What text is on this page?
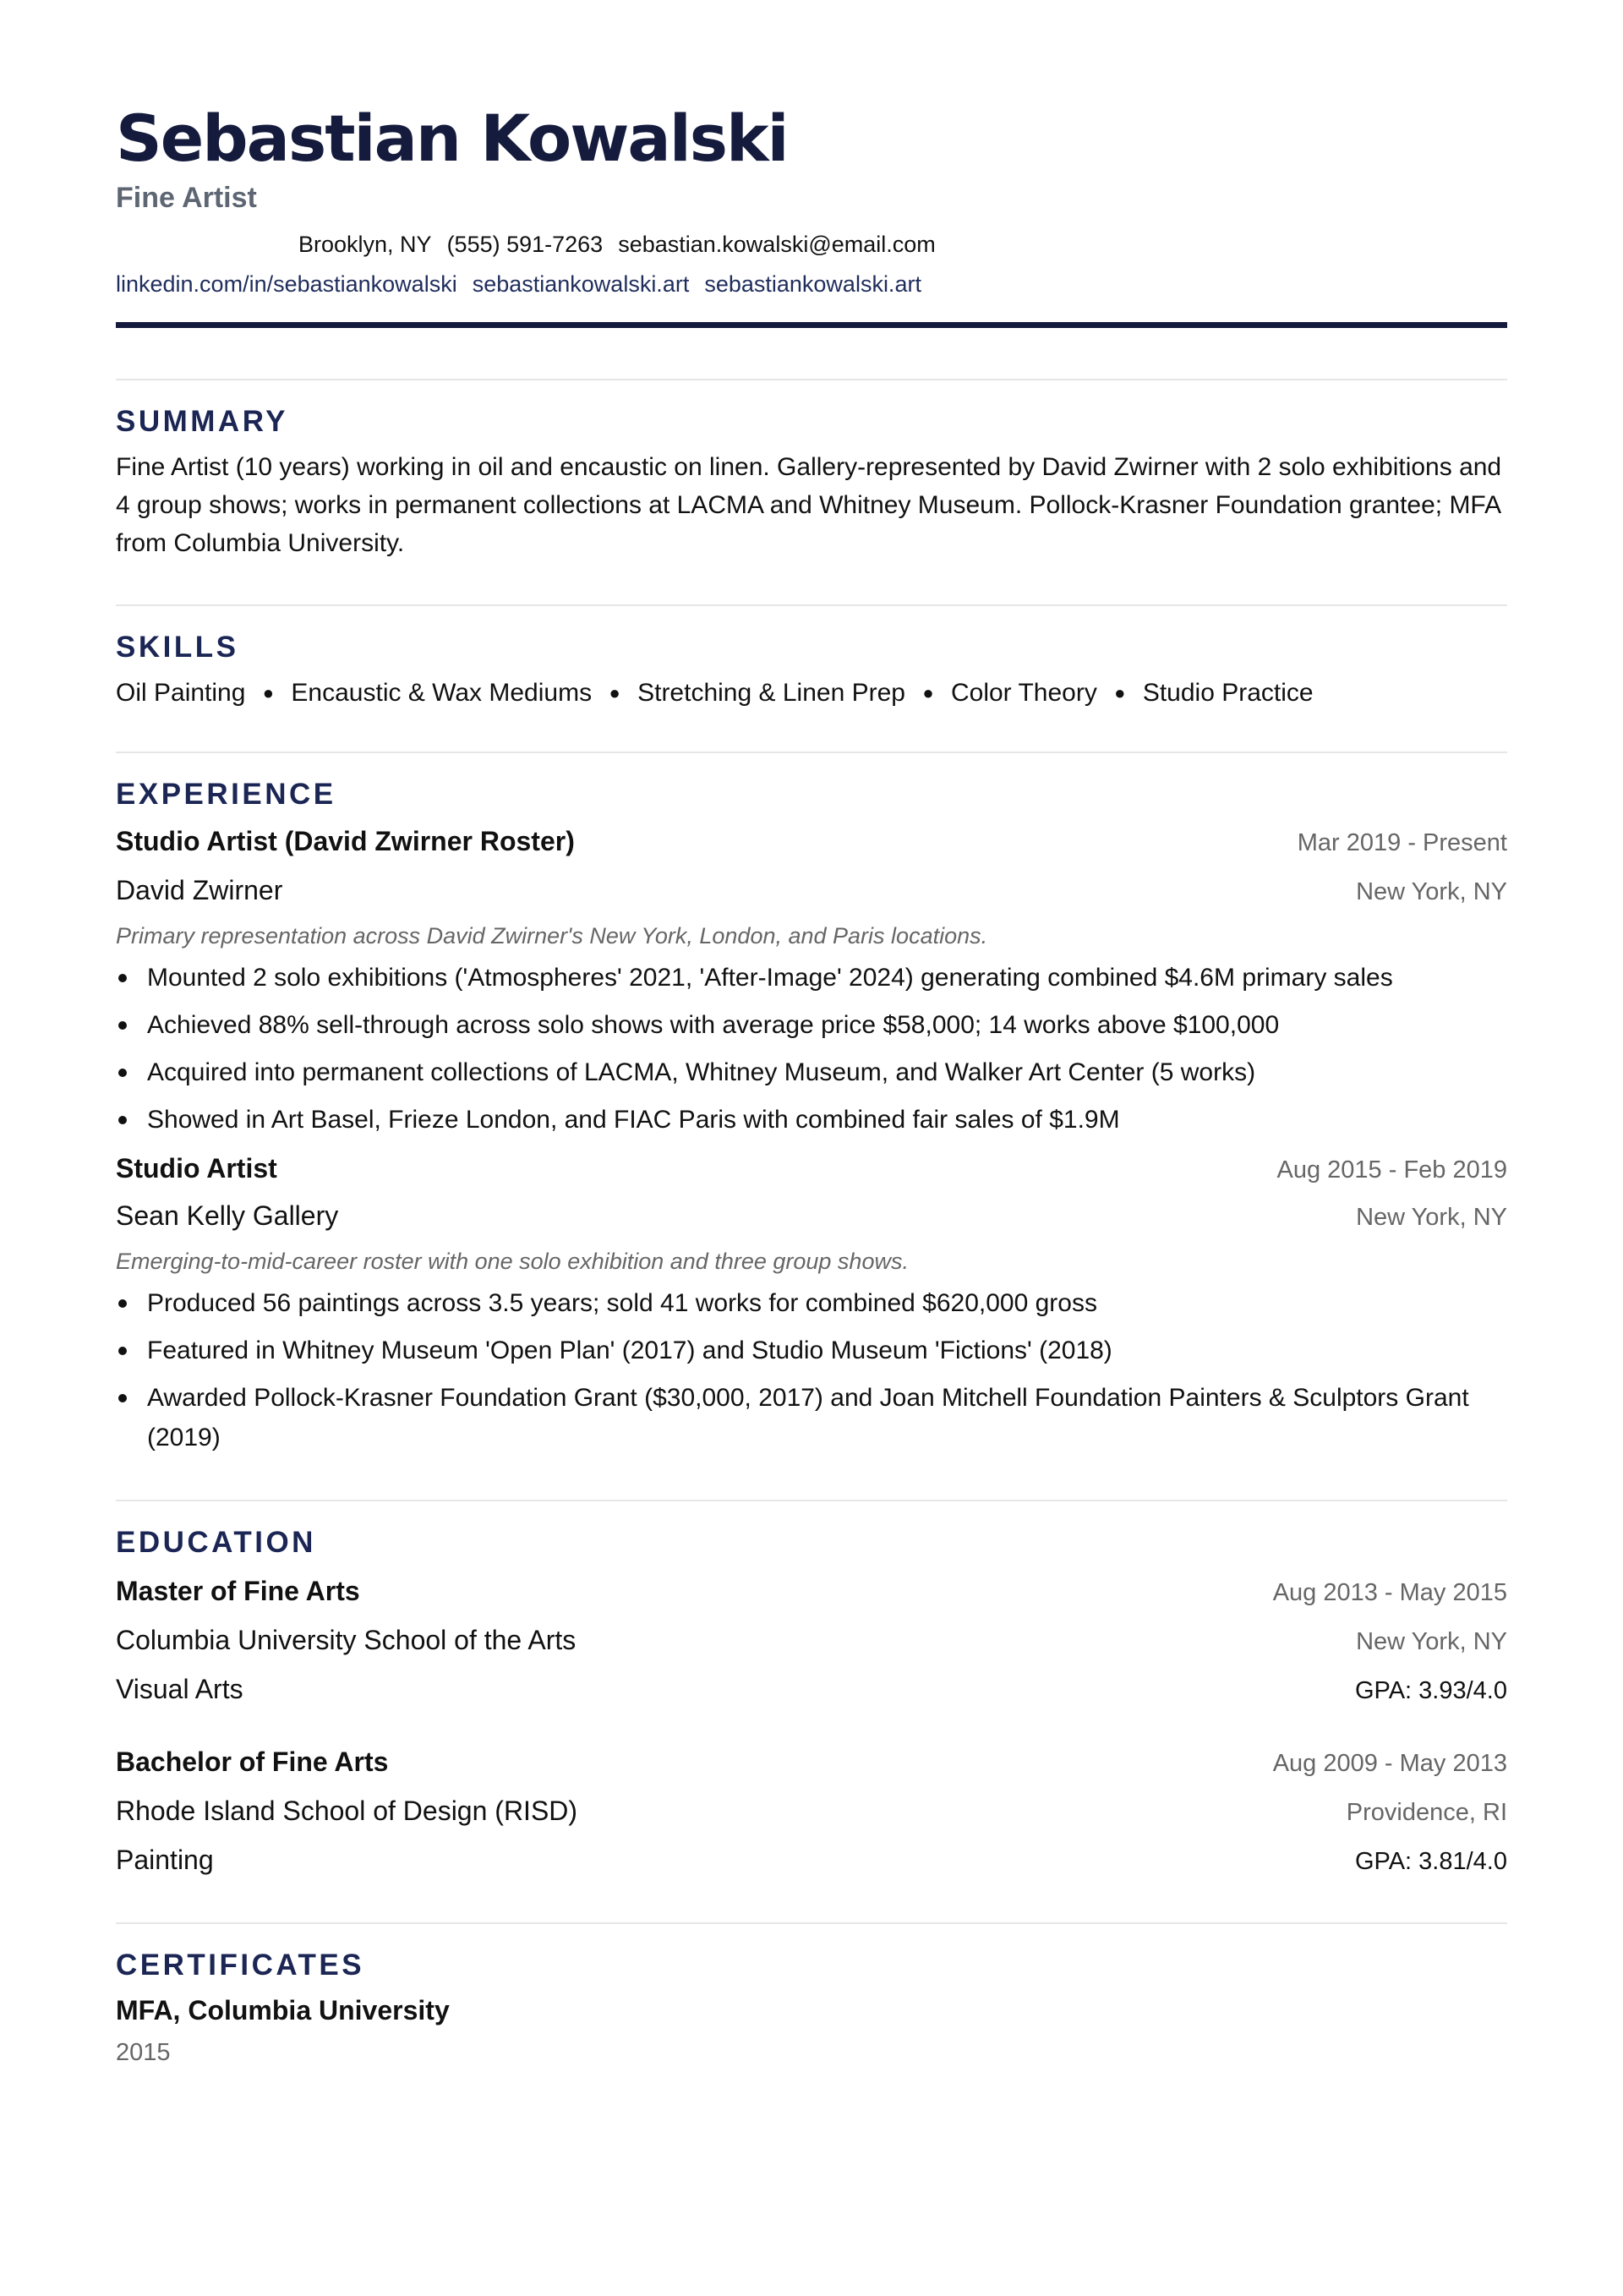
Sebastian Kowalski
Fine Artist
Brooklyn, NY (555) 591-7263 sebastian.kowalski@email.com
linkedin.com/in/sebastiankowalski sebastiankowalski.art sebastiankowalski.art
SUMMARY
Fine Artist (10 years) working in oil and encaustic on linen. Gallery-represented by David Zwirner with 2 solo exhibitions and 4 group shows; works in permanent collections at LACMA and Whitney Museum. Pollock-Krasner Foundation grantee; MFA from Columbia University.
SKILLS
Oil Painting ● Encaustic & Wax Mediums ● Stretching & Linen Prep ● Color Theory ● Studio Practice
EXPERIENCE
Studio Artist (David Zwirner Roster)	Mar 2019 - Present
David Zwirner	New York, NY
Primary representation across David Zwirner's New York, London, and Paris locations.
Mounted 2 solo exhibitions ('Atmospheres' 2021, 'After-Image' 2024) generating combined $4.6M primary sales
Achieved 88% sell-through across solo shows with average price $58,000; 14 works above $100,000
Acquired into permanent collections of LACMA, Whitney Museum, and Walker Art Center (5 works)
Showed in Art Basel, Frieze London, and FIAC Paris with combined fair sales of $1.9M
Studio Artist	Aug 2015 - Feb 2019
Sean Kelly Gallery	New York, NY
Emerging-to-mid-career roster with one solo exhibition and three group shows.
Produced 56 paintings across 3.5 years; sold 41 works for combined $620,000 gross
Featured in Whitney Museum 'Open Plan' (2017) and Studio Museum 'Fictions' (2018)
Awarded Pollock-Krasner Foundation Grant ($30,000, 2017) and Joan Mitchell Foundation Painters & Sculptors Grant (2019)
EDUCATION
Master of Fine Arts	Aug 2013 - May 2015
Columbia University School of the Arts	New York, NY
Visual Arts	GPA: 3.93/4.0
Bachelor of Fine Arts	Aug 2009 - May 2013
Rhode Island School of Design (RISD)	Providence, RI
Painting	GPA: 3.81/4.0
CERTIFICATES
MFA, Columbia University
2015
